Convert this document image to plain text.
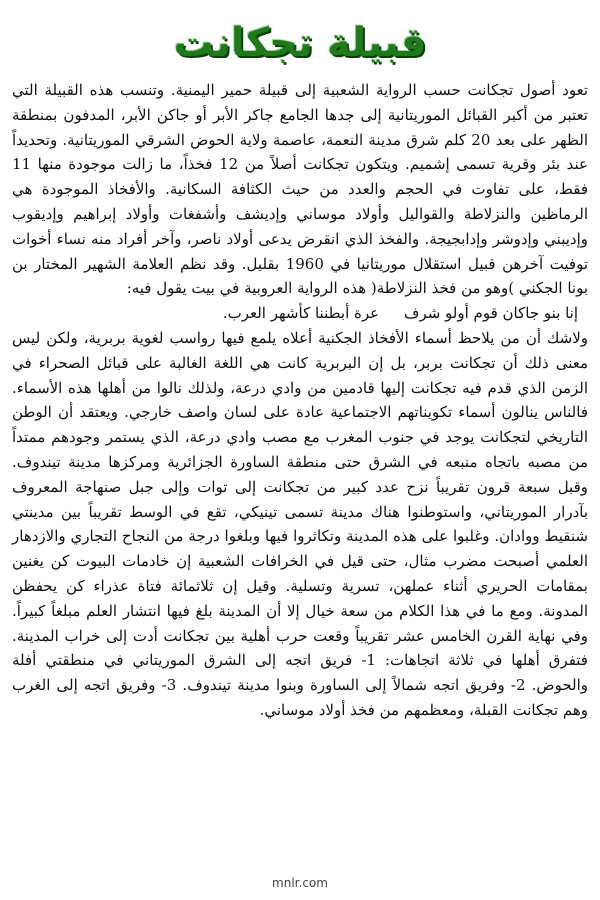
قبيلة تجكانت

تعود أصول تجكانت حسب الرواية الشعبية إلى قبيلة حمير اليمنية. وتنسب هذه القبيلة التي تعتبر من أكبر القبائل الموريتانية إلى جدها الجامع جاكر الأبر أو جاكن الأبر، المدفون بمنطقة الظهر على بعد 20 كلم شرق مدينة النعمة، عاصمة ولاية الحوض الشرقي الموريتانية. وتحديداً عند بئر وقرية تسمى إشميم. ويتكون تجكانت أصلاً من 12 فخذاً، ما زالت موجودة منها 11 فقط، على تفاوت في الحجم والعدد من حيث الكثافة السكانية. والأفخاذ الموجودة هي الرماظين والنزلاطة والقواليل وأولاد موساني وإديشف وأشفغات وأولاد إبراهيم وإديقوب وإديبني وإدوشر وإدابجيجة. والفخذ الذي انقرض يدعى أولاد ناصر، وآخر أفراد منه نساء أخوات توفيت آخرهن قبيل استقلال موريتانيا في 1960 بقليل. وقد نظم العلامة الشهير المختار بن بونا الجكني )وهو من فخذ النزلاطة( هذه الرواية العروبية في بيت يقول فيه:

إنا بنو جاكان قوم أولو شرف عرة أبطننا كأشهر العرب.

ولاشك أن من يلاحظ أسماء الأفخاذ الجكنية أعلاه يلمع فيها رواسب لغوية بربرية، ولكن ليس معنى ذلك أن تجكانت بربر، بل إن البربرية كانت هي اللغة الغالبة على قبائل الصحراء في الزمن الذي قدم فيه تجكانت إليها قادمين من وادي درعة، ولذلك نالوا من أهلها هذه الأسماء. فالناس ينالون أسماء تكويناتهم الاجتماعية عادة على لسان واصف خارجي. ويعتقد أن الوطن التاريخي لتجكانت يوجد في جنوب المغرب مع مصب وادي درعة، الذي يستمر وجودهم ممتداً من مصبه باتجاه منبعه في الشرق حتى منطقة الساورة الجزائرية ومركزها مدينة تيندوف. وقبل سبعة قرون تقريباً نزح عدد كبير من تجكانت إلى توات وإلى جبل صنهاجة المعروف بآدرار الموريتاني، واستوطنوا هناك مدينة تسمى تينيكي، تقع في الوسط تقريباً بين مدينتي شنقيط ووادان. وغلبوا على هذه المدينة وتكاثروا فيها وبلغوا درجة من النجاح التجاري والازدهار العلمي أصبحت مضرب مثال، حتى قيل في الخرافات الشعبية إن خادمات البيوت كن يغنين بمقامات الحريري أثناء عملهن، تسرية وتسلية. وقيل إن ثلاثمائة فتاة عذراء كن يحفظن المدونة. ومع ما في هذا الكلام من سعة خيال إلا أن المدينة بلغ فيها انتشار العلم مبلغاً كبيراً. وفي نهاية القرن الخامس عشر تقريباً وقعت حرب أهلية بين تجكانت أدت إلى خراب المدينة. فتفرق أهلها في ثلاثة اتجاهات: 1- فريق اتجه إلى الشرق الموريتاني في منطقتي أفلة والحوض. 2- وفريق اتجه شمالاً إلى الساورة وبنوا مدينة تيندوف. 3- وفريق اتجه إلى الغرب وهم تجكانت القبلة، ومعظمهم من فخذ أولاد موساني.

mnlr.com
